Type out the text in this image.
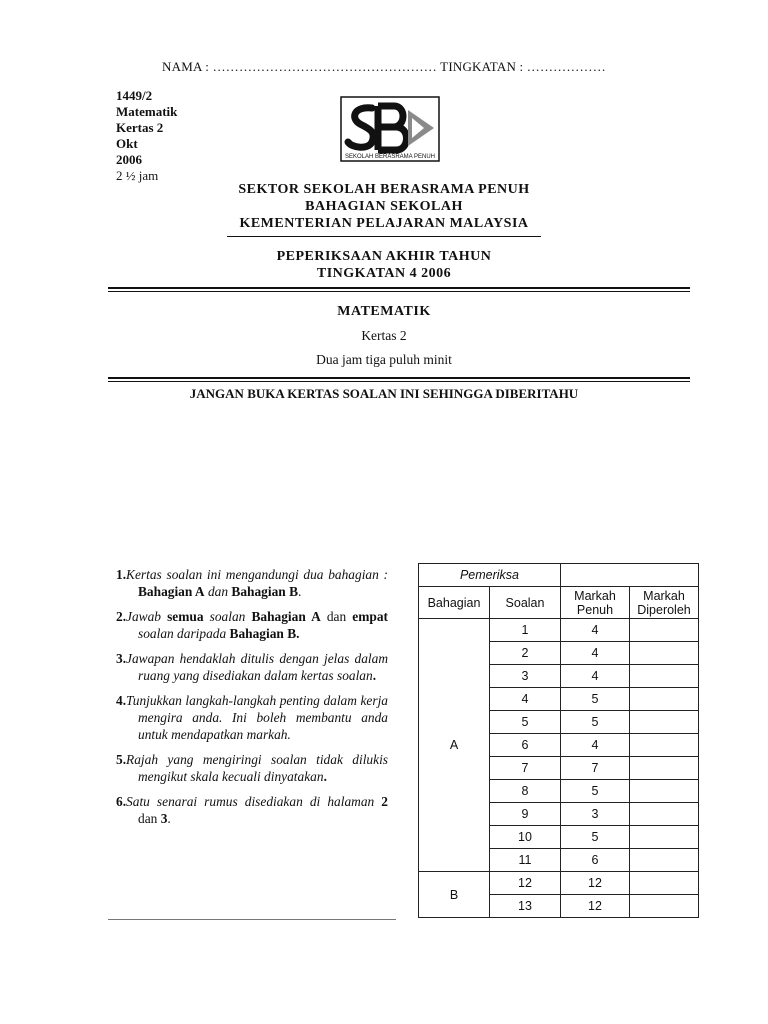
NAMA : …………………………………………… TINGKATAN : ………………
1449/2
Matematik
Kertas 2
Okt
2006
2 ½ jam
SEKOLAH BERASRAMA PENUH
SEKTOR SEKOLAH BERASRAMA PENUH
BAHAGIAN SEKOLAH
KEMENTERIAN PELAJARAN MALAYSIA
PEPERIKSAAN AKHIR TAHUN
TINGKATAN 4 2006
MATEMATIK
Kertas 2
Dua jam tiga puluh minit
JANGAN BUKA KERTAS SOALAN INI SEHINGGA DIBERITAHU
1.Kertas soalan ini mengandungi dua bahagian : Bahagian A dan Bahagian B.
2.Jawab semua soalan Bahagian A dan empat soalan daripada Bahagian B.
3.Jawapan hendaklah ditulis dengan jelas dalam ruang yang disediakan dalam kertas soalan.
4.Tunjukkan langkah-langkah penting dalam kerja mengira anda. Ini boleh membantu anda untuk mendapatkan markah.
5.Rajah yang mengiringi soalan tidak dilukis mengikut skala kecuali dinyatakan.
6.Satu senarai rumus disediakan di halaman 2 dan 3.
Pemeriksa			
Bahagian	Soalan	Markah Penuh	Markah Diperoleh
A	1	4	
	2	4	
	3	4	
	4	5	
	5	5	
	6	4	
	7	7	
	8	5	
	9	3	
	10	5	
	11	6	
B	12	12	
	13	12	
